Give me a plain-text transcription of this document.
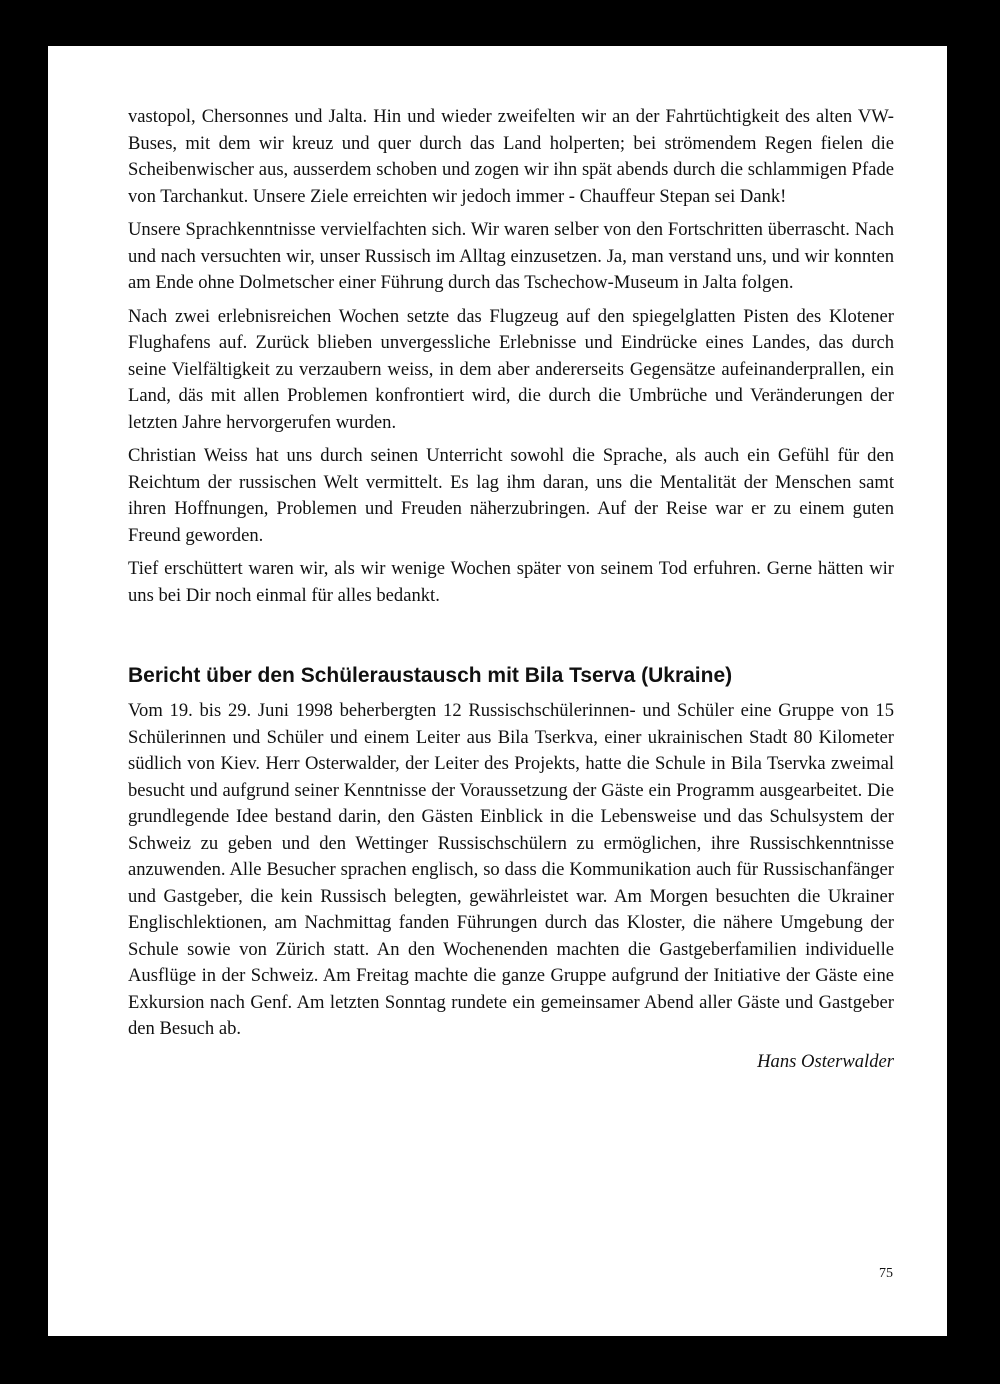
vastopol, Chersonnes und Jalta. Hin und wieder zweifelten wir an der Fahrtüchtigkeit des alten VW-Buses, mit dem wir kreuz und quer durch das Land holperten; bei strömendem Regen fielen die Scheibenwischer aus, ausserdem schoben und zogen wir ihn spät abends durch die schlammigen Pfade von Tarchankut. Unsere Ziele erreichten wir jedoch immer - Chauffeur Stepan sei Dank!

Unsere Sprachkenntnisse vervielfachten sich. Wir waren selber von den Fortschritten überrascht. Nach und nach versuchten wir, unser Russisch im Alltag einzusetzen. Ja, man verstand uns, und wir konnten am Ende ohne Dolmetscher einer Führung durch das Tschechow-Museum in Jalta folgen.

Nach zwei erlebnisreichen Wochen setzte das Flugzeug auf den spiegelglatten Pisten des Klotener Flughafens auf. Zurück blieben unvergessliche Erlebnisse und Eindrücke eines Landes, das durch seine Vielfältigkeit zu verzaubern weiss, in dem aber andererseits Gegensätze aufeinanderprallen, ein Land, däs mit allen Problemen konfrontiert wird, die durch die Umbrüche und Veränderungen der letzten Jahre hervorgerufen wurden.

Christian Weiss hat uns durch seinen Unterricht sowohl die Sprache, als auch ein Gefühl für den Reichtum der russischen Welt vermittelt. Es lag ihm daran, uns die Mentalität der Menschen samt ihren Hoffnungen, Problemen und Freuden näherzubringen. Auf der Reise war er zu einem guten Freund geworden.

Tief erschüttert waren wir, als wir wenige Wochen später von seinem Tod erfuhren. Gerne hätten wir uns bei Dir noch einmal für alles bedankt.

Bericht über den Schüleraustausch mit Bila Tserva (Ukraine)

Vom 19. bis 29. Juni 1998 beherbergten 12 Russischschülerinnen- und Schüler eine Gruppe von 15 Schülerinnen und Schüler und einem Leiter aus Bila Tserkva, einer ukrainischen Stadt 80 Kilometer südlich von Kiev. Herr Osterwalder, der Leiter des Projekts, hatte die Schule in Bila Tservka zweimal besucht und aufgrund seiner Kenntnisse der Voraussetzung der Gäste ein Programm ausgearbeitet. Die grundlegende Idee bestand darin, den Gästen Einblick in die Lebensweise und das Schulsystem der Schweiz zu geben und den Wettinger Russischschülern zu ermöglichen, ihre Russischkenntnisse anzuwenden. Alle Besucher sprachen englisch, so dass die Kommunikation auch für Russischanfänger und Gastgeber, die kein Russisch belegten, gewährleistet war. Am Morgen besuchten die Ukrainer Englischlektionen, am Nachmittag fanden Führungen durch das Kloster, die nähere Umgebung der Schule sowie von Zürich statt. An den Wochenenden machten die Gastgeberfamilien individuelle Ausflüge in der Schweiz. Am Freitag machte die ganze Gruppe aufgrund der Initiative der Gäste eine Exkursion nach Genf. Am letzten Sonntag rundete ein gemeinsamer Abend aller Gäste und Gastgeber den Besuch ab.

Hans Osterwalder

75
